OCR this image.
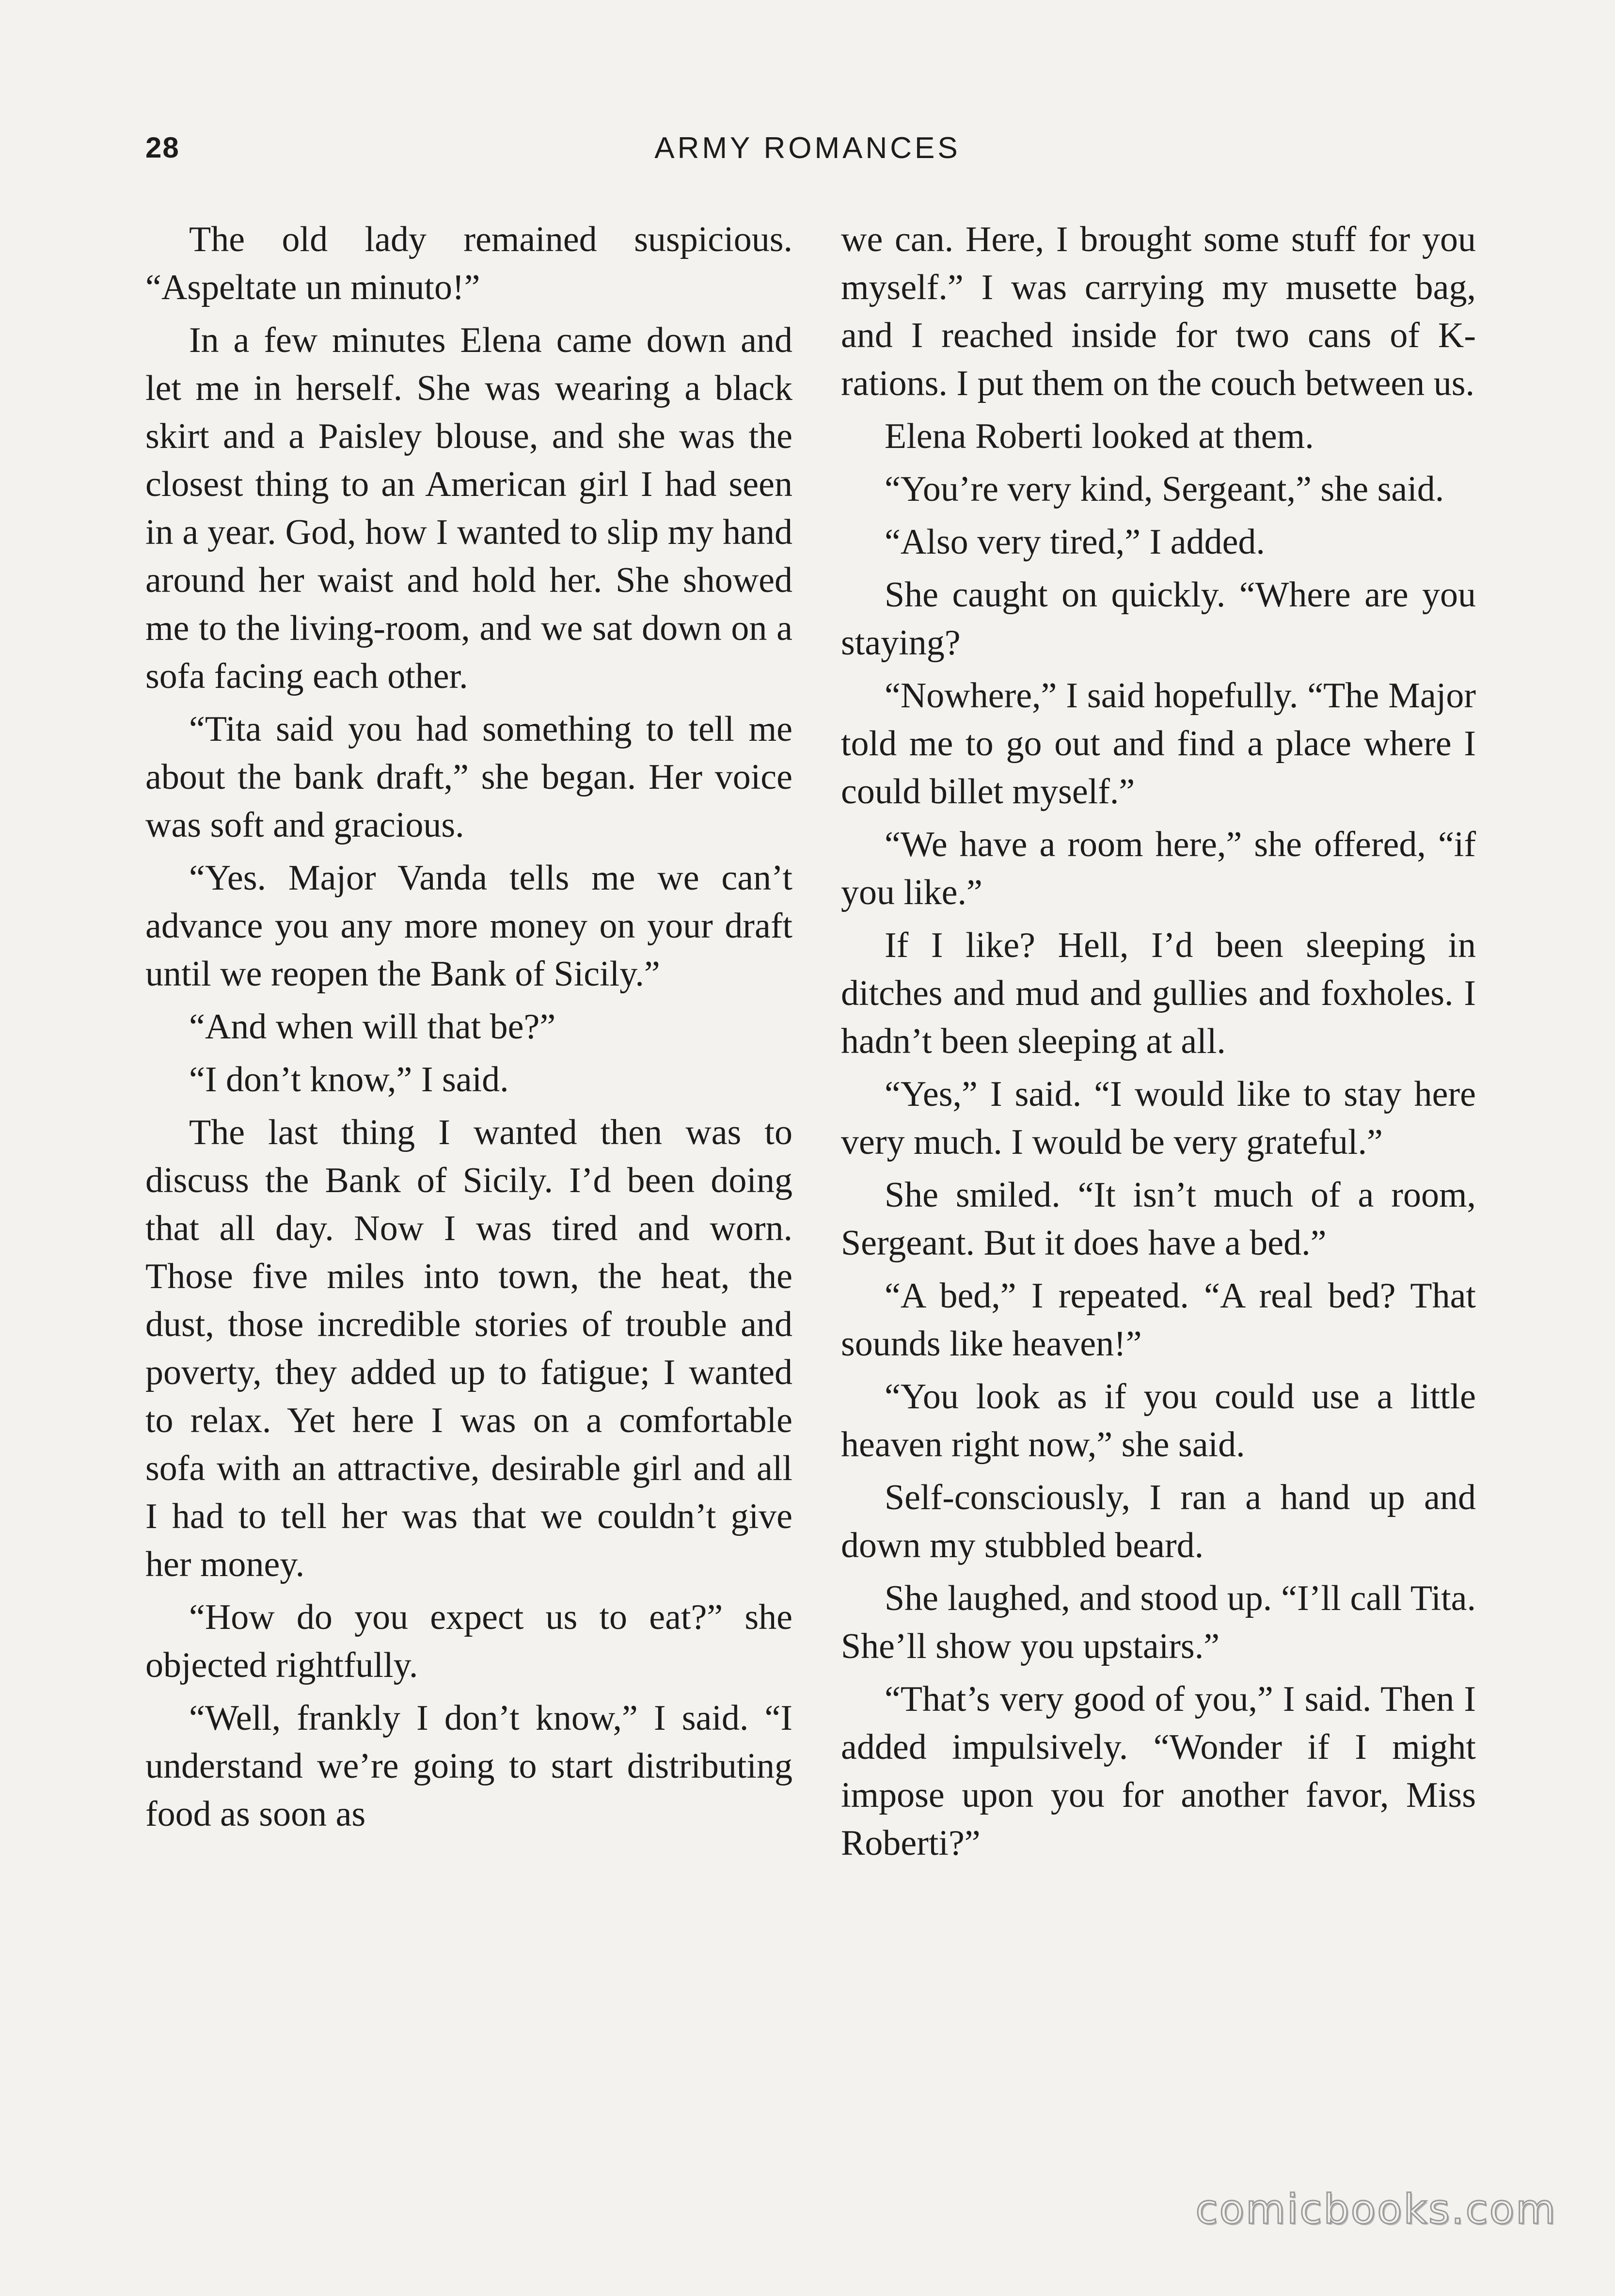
28	ARMY ROMANCES

The old lady remained suspicious. “Aspeltate un minuto!”

In a few minutes Elena came down and let me in herself. She was wearing a black skirt and a Paisley blouse, and she was the closest thing to an American girl I had seen in a year. God, how I wanted to slip my hand around her waist and hold her. She showed me to the living-room, and we sat down on a sofa facing each other.

“Tita said you had something to tell me about the bank draft,” she began. Her voice was soft and gracious.

“Yes. Major Vanda tells me we can’t advance you any more money on your draft until we reopen the Bank of Sicily.”

“And when will that be?”

“I don’t know,” I said.

The last thing I wanted then was to discuss the Bank of Sicily. I’d been doing that all day. Now I was tired and worn. Those five miles into town, the heat, the dust, those incredible stories of trouble and poverty, they added up to fatigue; I wanted to relax. Yet here I was on a comfortable sofa with an attractive, desirable girl and all I had to tell her was that we couldn’t give her money.

“How do you expect us to eat?” she objected rightfully.

“Well, frankly I don’t know,” I said. “I understand we’re going to start distributing food as soon as

we can. Here, I brought some stuff for you myself.” I was carrying my musette bag, and I reached inside for two cans of K-rations. I put them on the couch between us.

Elena Roberti looked at them.

“You’re very kind, Sergeant,” she said.

“Also very tired,” I added.

She caught on quickly. “Where are you staying?

“Nowhere,” I said hopefully. “The Major told me to go out and find a place where I could billet myself.”

“We have a room here,” she offered, “if you like.”

If I like? Hell, I’d been sleeping in ditches and mud and gullies and foxholes. I hadn’t been sleeping at all.

“Yes,” I said. “I would like to stay here very much. I would be very grateful.”

She smiled. “It isn’t much of a room, Sergeant. But it does have a bed.”

“A bed,” I repeated. “A real bed? That sounds like heaven!”

“You look as if you could use a little heaven right now,” she said.

Self-consciously, I ran a hand up and down my stubbled beard.

She laughed, and stood up. “I’ll call Tita. She’ll show you upstairs.”

“That’s very good of you,” I said. Then I added impulsively. “Wonder if I might impose upon you for another favor, Miss Roberti?”

comicbooks.com
